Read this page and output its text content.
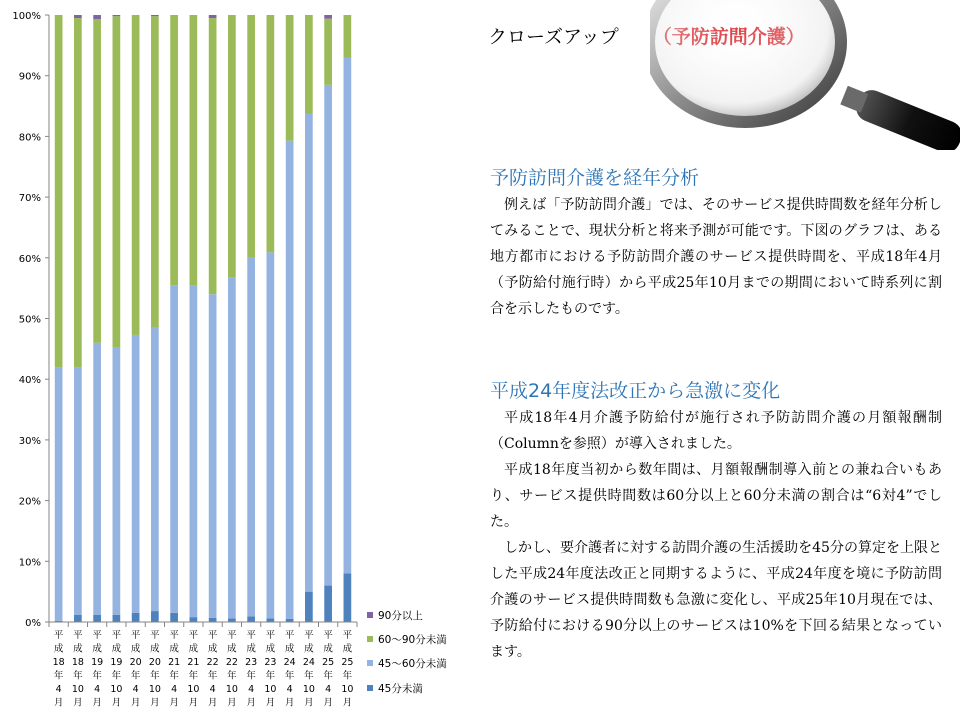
0%
10%
20%
30%
40%
50%
60%
70%
80%
90%
100%
平
成
18
年
4
月
平
成
18
年
10
月
平
成
19
年
4
月
平
成
19
年
10
月
平
成
20
年
4
月
平
成
20
年
10
月
平
成
21
年
4
月
平
成
21
年
10
月
平
成
22
年
4
月
平
成
22
年
10
月
平
成
23
年
4
月
平
成
23
年
10
月
平
成
24
年
4
月
平
成
24
年
10
月
平
成
25
年
4
月
平
成
25
年
10
月
90分以上
60～90分未満
45～60分未満
45分未満
クローズアップ
予防訪問介護を経年分析

例えば「予防訪問介護」では、そのサービス提供時間数を経年分析してみることで、現状分析と将来予測が可能です。下図のグラフは、ある地方都市における予防訪問介護のサービス提供時間を、平成18年4月（予防給付施行時）から平成25年10月までの期間において時系列に割合を示したものです。

平成24年度法改正から急激に変化

平成18年4月介護予防給付が施行され予防訪問介護の月額報酬制（Columnを参照）が導入されました。

平成18年度当初から数年間は、月額報酬制導入前との兼ね合いもあり、サービス提供時間数は60分以上と60分未満の割合は“6対4”でした。

しかし、要介護者に対する訪問介護の生活援助を45分の算定を上限とした平成24年度法改正と同期するように、平成24年度を境に予防訪問介護のサービス提供時間数も急激に変化し、平成25年10月現在では、予防給付における90分以上のサービスは10%を下回る結果となっています。
